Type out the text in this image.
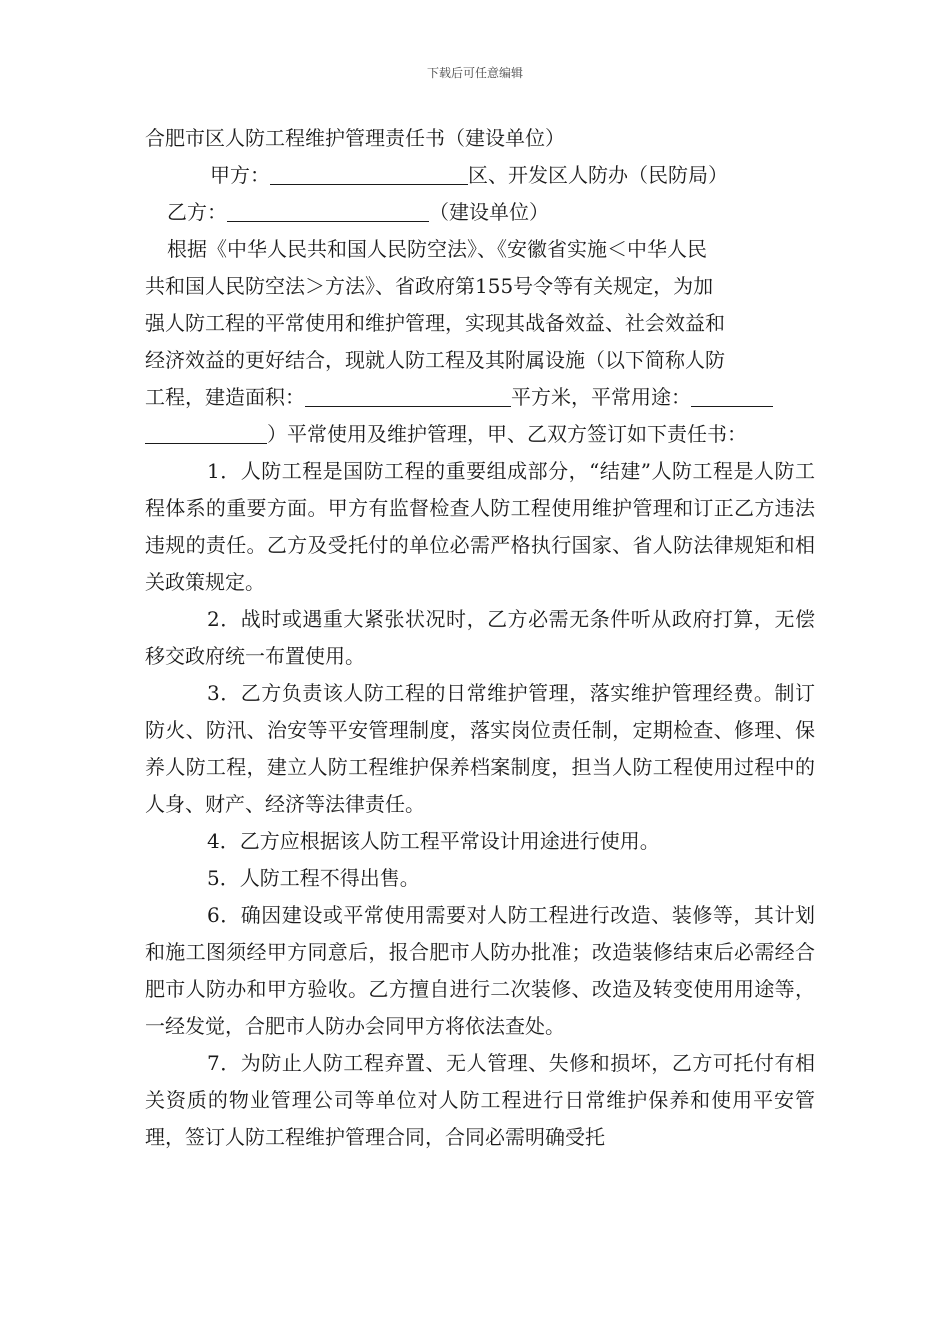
下载后可任意编辑
合肥市区人防工程维护管理责任书（建设单位）
甲方：	区、开发区人防办（民防局）
乙方：	（建设单位）
根据《中华人民共和国人民防空法》、《安徽省实施＜中华人民
共和国人民防空法＞方法》、省政府第155号令等有关规定，为加
强人防工程的平常使用和维护管理，实现其战备效益、社会效益和
经济效益的更好结合，现就人防工程及其附属设施（以下简称人防
工程，建造面积：	平方米，平常用途：
）平常使用及维护管理，甲、乙双方签订如下责任书：
1．人防工程是国防工程的重要组成部分，“结建”人防工程是人防工程体系的重要方面。甲方有监督检查人防工程使用维护管理和订正乙方违法违规的责任。乙方及受托付的单位必需严格执行国家、省人防法律规矩和相关政策规定。
2．战时或遇重大紧张状况时，乙方必需无条件听从政府打算，无偿移交政府统一布置使用。
3．乙方负责该人防工程的日常维护管理，落实维护管理经费。制订防火、防汛、治安等平安管理制度，落实岗位责任制，定期检查、修理、保养人防工程，建立人防工程维护保养档案制度，担当人防工程使用过程中的人身、财产、经济等法律责任。
4．乙方应根据该人防工程平常设计用途进行使用。
5．人防工程不得出售。
6．确因建设或平常使用需要对人防工程进行改造、装修等，其计划和施工图须经甲方同意后，报合肥市人防办批准；改造装修结束后必需经合肥市人防办和甲方验收。乙方擅自进行二次装修、改造及转变使用用途等，一经发觉，合肥市人防办会同甲方将依法查处。
7．为防止人防工程弃置、无人管理、失修和损坏，乙方可托付有相关资质的物业管理公司等单位对人防工程进行日常维护保养和使用平安管理，签订人防工程维护管理合同，合同必需明确受托
